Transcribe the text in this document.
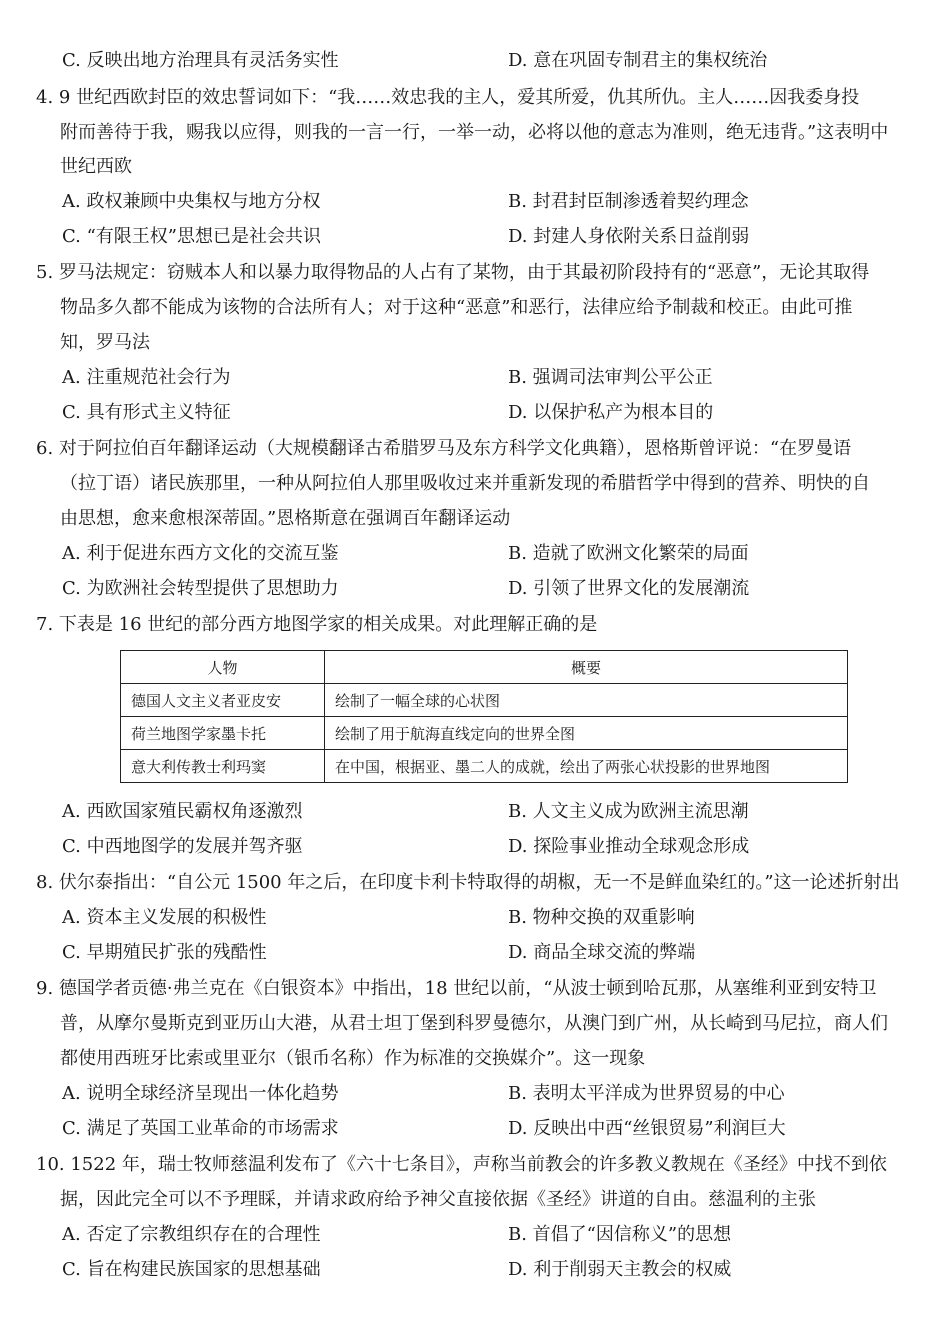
C. 反映出地方治理具有灵活务实性	D. 意在巩固专制君主的集权统治
4. 9 世纪西欧封臣的效忠誓词如下：“我……效忠我的主人，爱其所爱，仇其所仇。主人……因我委身投
附而善待于我，赐我以应得，则我的一言一行，一举一动，必将以他的意志为准则，绝无违背。”这表明中
世纪西欧
A. 政权兼顾中央集权与地方分权	B. 封君封臣制渗透着契约理念
C. “有限王权”思想已是社会共识	D. 封建人身依附关系日益削弱
5. 罗马法规定：窃贼本人和以暴力取得物品的人占有了某物，由于其最初阶段持有的“恶意”，无论其取得
物品多久都不能成为该物的合法所有人；对于这种“恶意”和恶行，法律应给予制裁和校正。由此可推
知，罗马法
A. 注重规范社会行为	B. 强调司法审判公平公正
C. 具有形式主义特征	D. 以保护私产为根本目的
6. 对于阿拉伯百年翻译运动（大规模翻译古希腊罗马及东方科学文化典籍），恩格斯曾评说：“在罗曼语
（拉丁语）诸民族那里，一种从阿拉伯人那里吸收过来并重新发现的希腊哲学中得到的营养、明快的自
由思想，愈来愈根深蒂固。”恩格斯意在强调百年翻译运动
A. 利于促进东西方文化的交流互鉴	B. 造就了欧洲文化繁荣的局面
C. 为欧洲社会转型提供了思想助力	D. 引领了世界文化的发展潮流
7. 下表是 16 世纪的部分西方地图学家的相关成果。对此理解正确的是
人物	概要
德国人文主义者亚皮安	绘制了一幅全球的心状图
荷兰地图学家墨卡托	绘制了用于航海直线定向的世界全图
意大利传教士利玛窦	在中国，根据亚、墨二人的成就，绘出了两张心状投影的世界地图
A. 西欧国家殖民霸权角逐激烈	B. 人文主义成为欧洲主流思潮
C. 中西地图学的发展并驾齐驱	D. 探险事业推动全球观念形成
8. 伏尔泰指出：“自公元 1500 年之后，在印度卡利卡特取得的胡椒，无一不是鲜血染红的。”这一论述折射出
A. 资本主义发展的积极性	B. 物种交换的双重影响
C. 早期殖民扩张的残酷性	D. 商品全球交流的弊端
9. 德国学者贡德·弗兰克在《白银资本》中指出，18 世纪以前，“从波士顿到哈瓦那，从塞维利亚到安特卫
普，从摩尔曼斯克到亚历山大港，从君士坦丁堡到科罗曼德尔，从澳门到广州，从长崎到马尼拉，商人们
都使用西班牙比索或里亚尔（银币名称）作为标准的交换媒介”。这一现象
A. 说明全球经济呈现出一体化趋势	B. 表明太平洋成为世界贸易的中心
C. 满足了英国工业革命的市场需求	D. 反映出中西“丝银贸易”利润巨大
10. 1522 年，瑞士牧师慈温利发布了《六十七条目》，声称当前教会的许多教义教规在《圣经》中找不到依
据，因此完全可以不予理睬，并请求政府给予神父直接依据《圣经》讲道的自由。慈温利的主张
A. 否定了宗教组织存在的合理性	B. 首倡了“因信称义”的思想
C. 旨在构建民族国家的思想基础	D. 利于削弱天主教会的权威
